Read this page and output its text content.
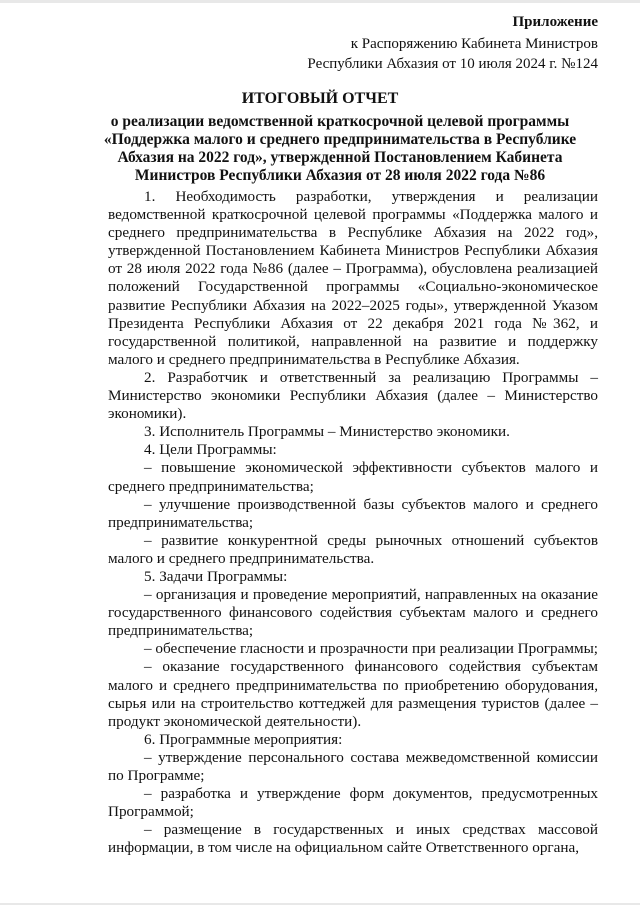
Приложение
к Распоряжению Кабинета Министров
Республики Абхазия от 10 июля 2024 г. №124
ИТОГОВЫЙ ОТЧЕТ
о реализации ведомственной краткосрочной целевой программы «Поддержка малого и среднего предпринимательства в Республике Абхазия на 2022 год», утвержденной Постановлением Кабинета Министров Республики Абхазия от 28 июля 2022 года №86

1. Необходимость разработки, утверждения и реализации ведомственной краткосрочной целевой программы «Поддержка малого и среднего предпринимательства в Республике Абхазия на 2022 год», утвержденной Постановлением Кабинета Министров Республики Абхазия от 28 июля 2022 года №86 (далее – Программа), обусловлена реализацией положений Государственной программы «Социально-экономическое развитие Республики Абхазия на 2022–2025 годы», утвержденной Указом Президента Республики Абхазия от 22 декабря 2021 года №362, и государственной политикой, направленной на развитие и поддержку малого и среднего предпринимательства в Республике Абхазия.

2. Разработчик и ответственный за реализацию Программы – Министерство экономики Республики Абхазия (далее – Министерство экономики).

3. Исполнитель Программы – Министерство экономики.

4. Цели Программы:

– повышение экономической эффективности субъектов малого и среднего предпринимательства;

– улучшение производственной базы субъектов малого и среднего предпринимательства;

– развитие конкурентной среды рыночных отношений субъектов малого и среднего предпринимательства.

5. Задачи Программы:

– организация и проведение мероприятий, направленных на оказание государственного финансового содействия субъектам малого и среднего предпринимательства;

– обеспечение гласности и прозрачности при реализации Программы;

– оказание государственного финансового содействия субъектам малого и среднего предпринимательства по приобретению оборудования, сырья или на строительство коттеджей для размещения туристов (далее – продукт экономической деятельности).

6. Программные мероприятия:

– утверждение персонального состава межведомственной комиссии по Программе;

– разработка и утверждение форм документов, предусмотренных Программой;

– размещение в государственных и иных средствах массовой информации, в том числе на официальном сайте Ответственного органа,
